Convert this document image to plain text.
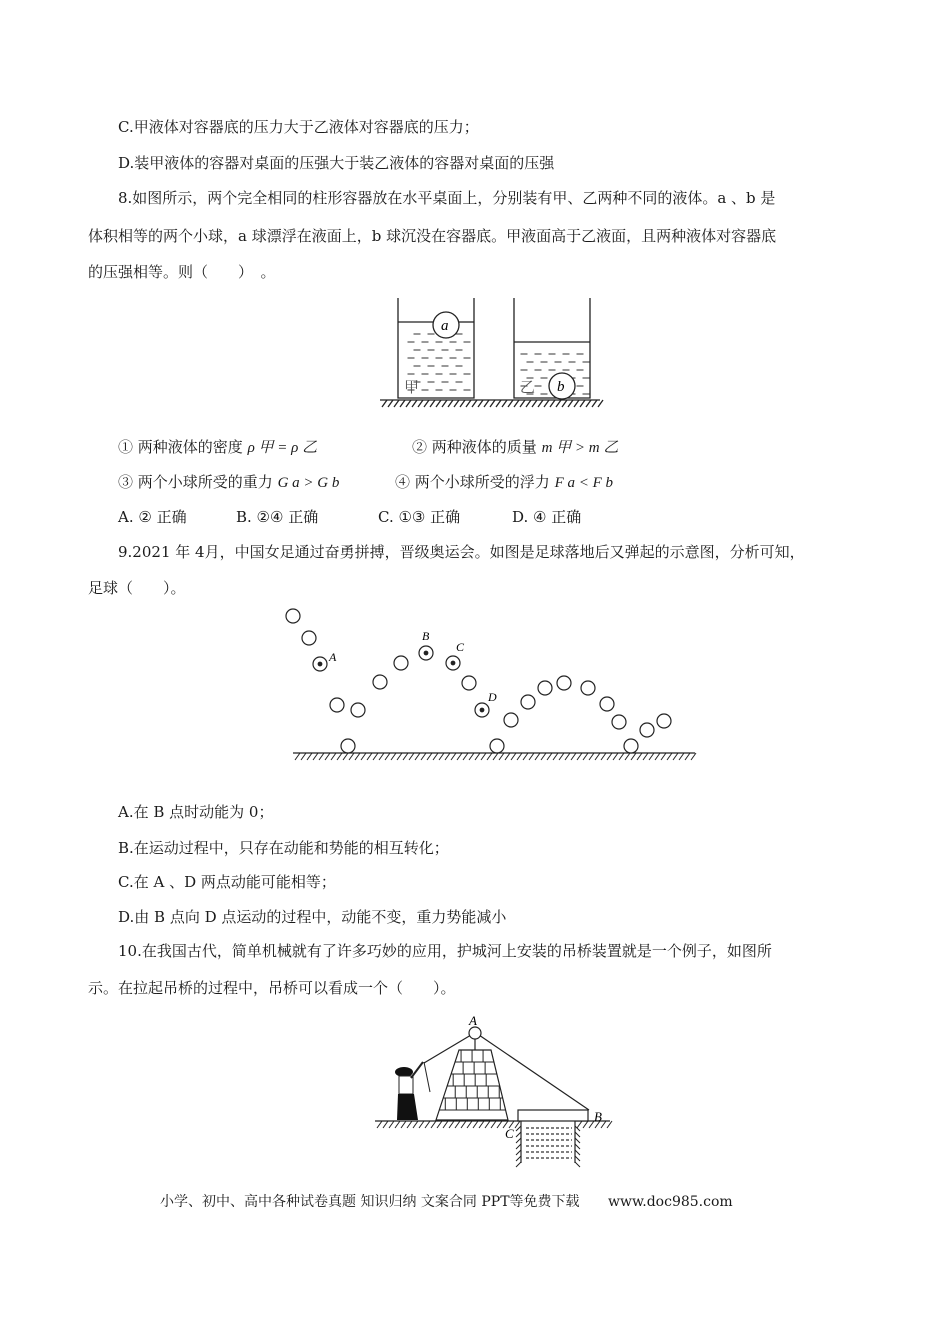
C.甲液体对容器底的压力大于乙液体对容器底的压力；
D.装甲液体的容器对桌面的压强大于装乙液体的容器对桌面的压强
8.如图所示，两个完全相同的柱形容器放在水平桌面上，分别装有甲、乙两种不同的液体。a 、b 是
体积相等的两个小球，a 球漂浮在液面上，b 球沉没在容器底。甲液面高于乙液面，且两种液体对容器底
的压强相等。则（　　）　。
a
b
甲	乙
① 两种液体的密度 ρ 甲 = ρ 乙	② 两种液体的质量 m 甲 > m 乙
③ 两个小球所受的重力 G a > G b	④ 两个小球所受的浮力 F a < F b
A. ② 正确	B. ②④ 正确	C. ①③ 正确	D. ④ 正确
9.2021 年 4月，中国女足通过奋勇拼搏，晋级奥运会。如图是足球落地后又弹起的示意图，分析可知，
足球（　　）。
A
B
C
D
A.在 B 点时动能为 0；
B.在运动过程中，只存在动能和势能的相互转化；
C.在 A 、D 两点动能可能相等；
D.由 B 点向 D 点运动的过程中，动能不变，重力势能减小
10.在我国古代，简单机械就有了许多巧妙的应用，护城河上安装的吊桥装置就是一个例子，如图所
示。在拉起吊桥的过程中，吊桥可以看成一个（　　）。
A
B
C
小学、初中、高中各种试卷真题 知识归纳 文案合同 PPT等免费下载 www.doc985.com
